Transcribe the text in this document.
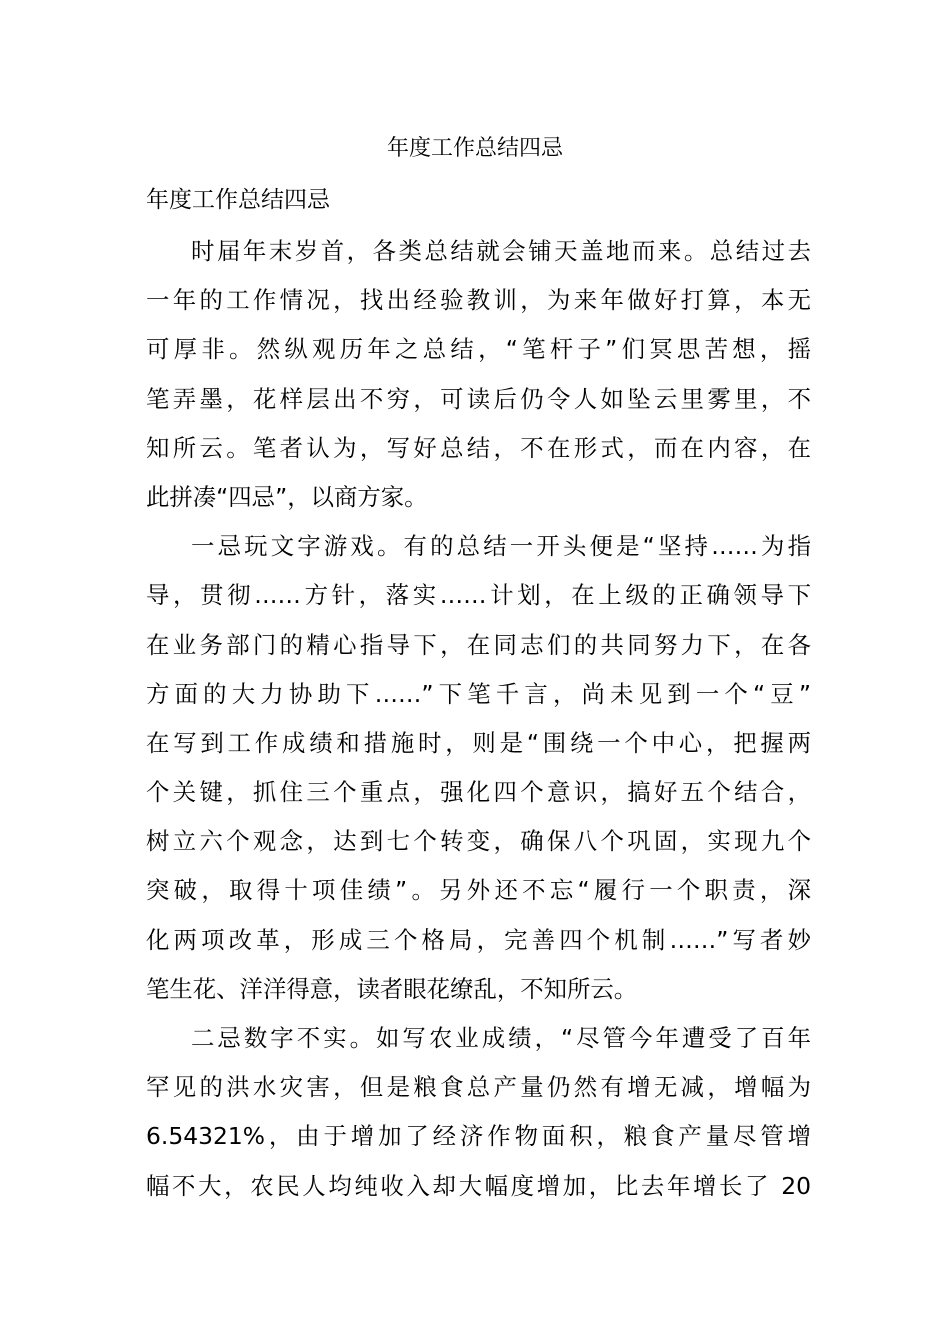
年度工作总结四忌
年度工作总结四忌
时届年末岁首，各类总结就会铺天盖地而来。总结过去
一年的工作情况，找出经验教训，为来年做好打算，本无
可厚非。然纵观历年之总结，“笔杆子”们冥思苦想，摇
笔弄墨，花样层出不穷，可读后仍令人如坠云里雾里，不
知所云。笔者认为，写好总结，不在形式，而在内容，在
此拼凑“四忌”，以商方家。
一忌玩文字游戏。有的总结一开头便是“坚持……为指
导，贯彻……方针，落实……计划，在上级的正确领导下
在业务部门的精心指导下，在同志们的共同努力下，在各
方面的大力协助下……”下笔千言，尚未见到一个“豆”
在写到工作成绩和措施时，则是“围绕一个中心，把握两
个关键，抓住三个重点，强化四个意识，搞好五个结合，
树立六个观念，达到七个转变，确保八个巩固，实现九个
突破，取得十项佳绩”。另外还不忘“履行一个职责，深
化两项改革，形成三个格局，完善四个机制……”写者妙
笔生花、洋洋得意，读者眼花缭乱，不知所云。
二忌数字不实。如写农业成绩，“尽管今年遭受了百年
罕见的洪水灾害，但是粮食总产量仍然有增无减，增幅为
6.54321%，由于增加了经济作物面积，粮食产量尽管增
幅不大，农民人均纯收入却大幅度增加，比去年增长了 20
